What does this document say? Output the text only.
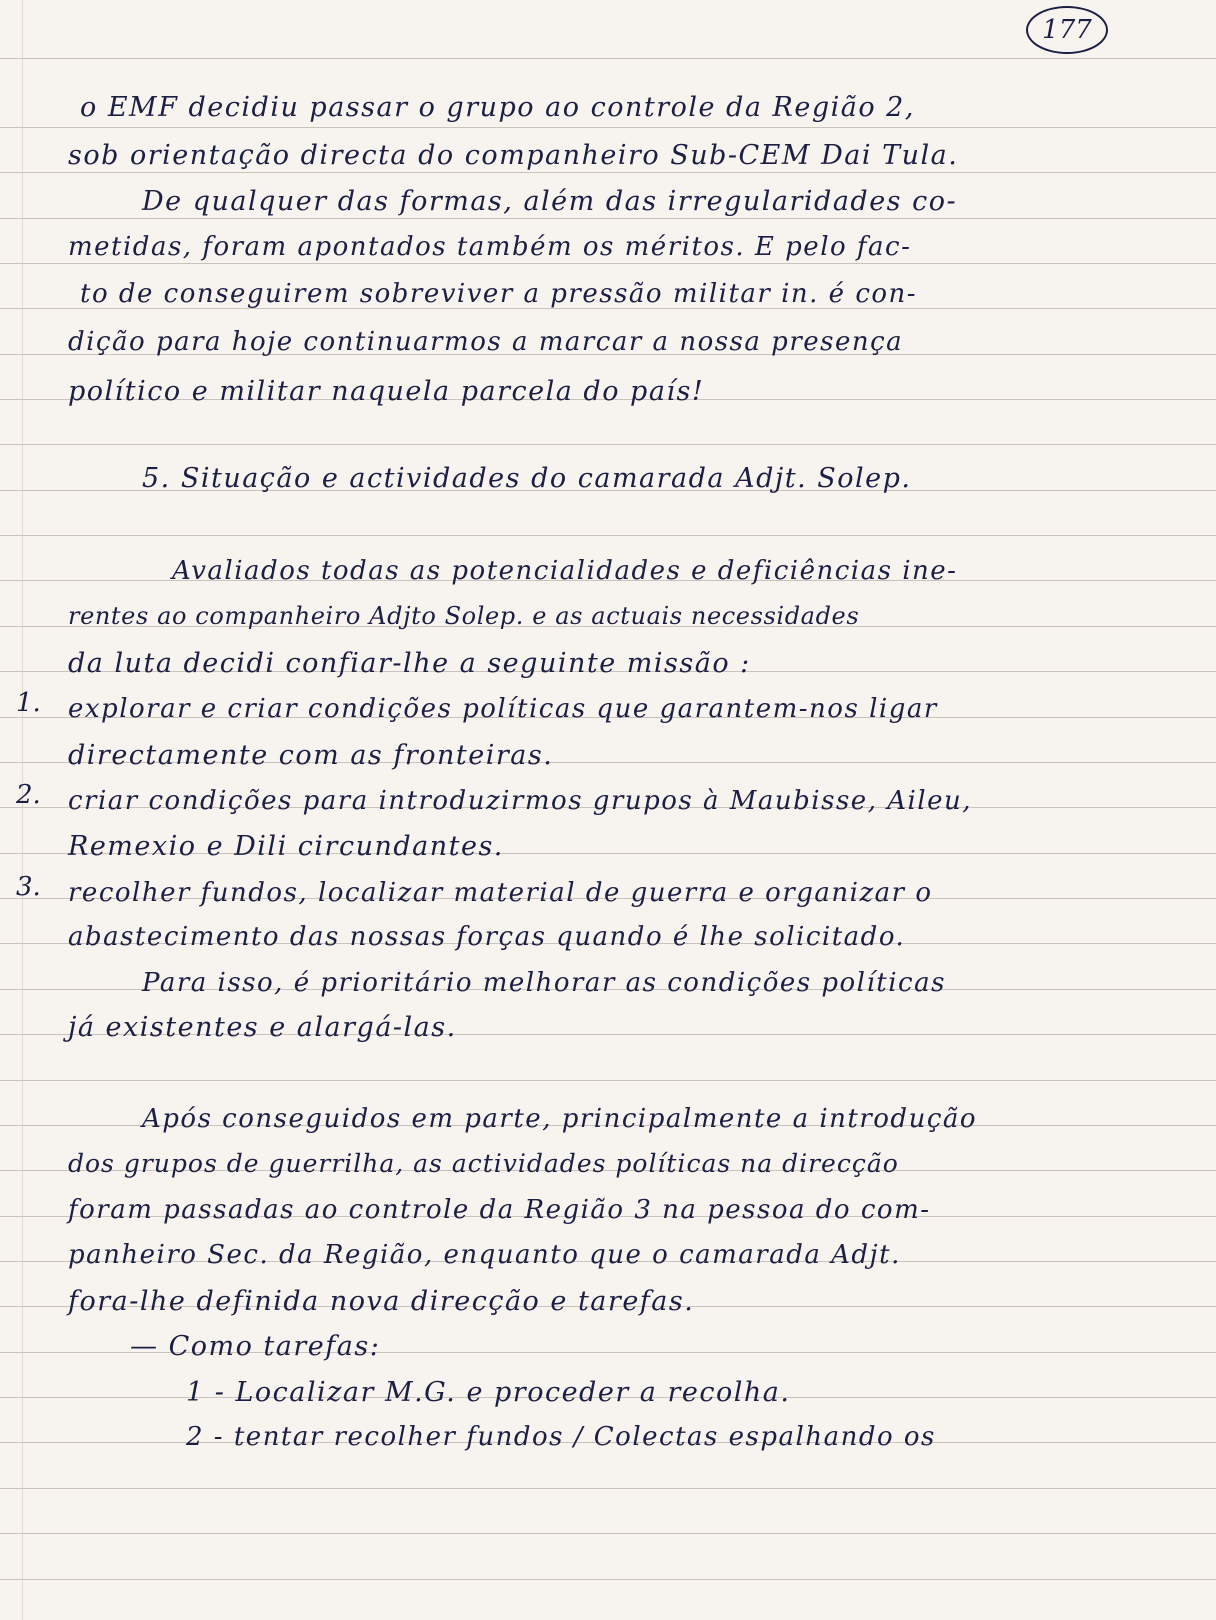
177
o EMF decidiu passar o grupo ao controle da Região 2,
sob orientação directa do companheiro Sub-CEM Dai Tula.
De qualquer das formas, além das irregularidades co-
metidas, foram apontados também os méritos. E pelo fac-
to de conseguirem sobreviver a pressão militar in. é con-
dição para hoje continuarmos a marcar a nossa presença
político e militar naquela parcela do país!
5. Situação e actividades do camarada Adjt. Solep.
Avaliados todas as potencialidades e deficiências ine-
rentes ao companheiro Adjto Solep. e as actuais necessidades
da luta decidi confiar-lhe a seguinte missão :
1. explorar e criar condições políticas que garantem-nos ligar
directamente com as fronteiras.
2. criar condições para introduzirmos grupos à Maubisse, Aileu,
Remexio e Dili circundantes.
3. recolher fundos, localizar material de guerra e organizar o
abastecimento das nossas forças quando é lhe solicitado.
Para isso, é prioritário melhorar as condições políticas
já existentes e alargá-las.
Após conseguidos em parte, principalmente a introdução
dos grupos de guerrilha, as actividades políticas na direcção
foram passadas ao controle da Região 3 na pessoa do com-
panheiro Sec. da Região, enquanto que o camarada Adjt.
fora-lhe definida nova direcção e tarefas.
— Como tarefas:
1 - Localizar M.G. e proceder a recolha.
2 - tentar recolher fundos / Colectas espalhando os
